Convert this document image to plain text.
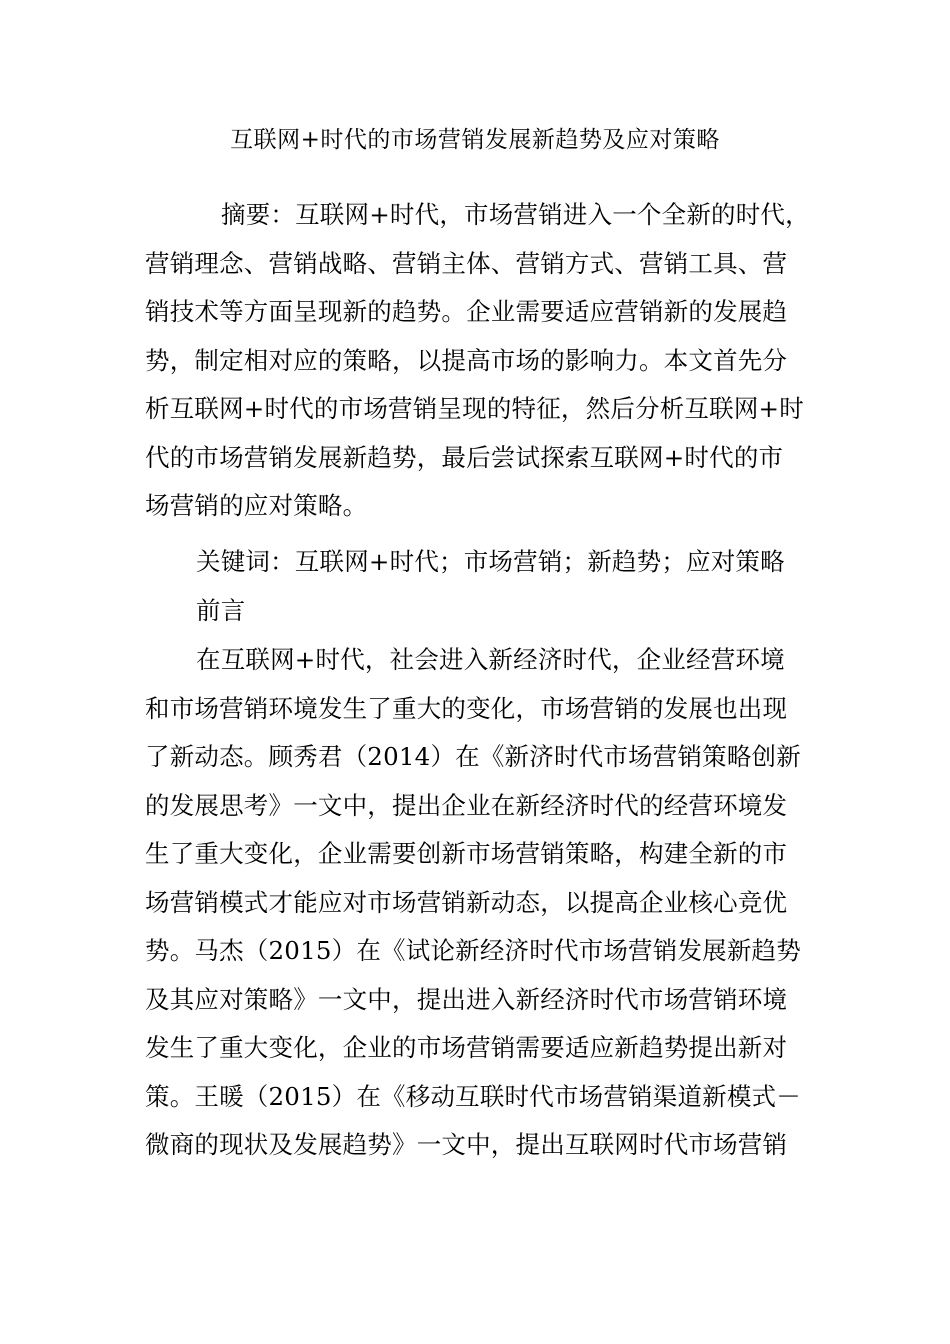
互联网+时代的市场营销发展新趋势及应对策略
摘要：互联网+时代，市场营销进入一个全新的时代，
营销理念、营销战略、营销主体、营销方式、营销工具、营
销技术等方面呈现新的趋势。企业需要适应营销新的发展趋
势，制定相对应的策略，以提高市场的影响力。本文首先分
析互联网+时代的市场营销呈现的特征，然后分析互联网+时
代的市场营销发展新趋势，最后尝试探索互联网+时代的市
场营销的应对策略。
关键词：互联网+时代；市场营销；新趋势；应对策略
前言
在互联网+时代，社会进入新经济时代，企业经营环境
和市场营销环境发生了重大的变化，市场营销的发展也出现
了新动态。顾秀君（2014）在《新济时代市场营销策略创新
的发展思考》一文中，提出企业在新经济时代的经营环境发
生了重大变化，企业需要创新市场营销策略，构建全新的市
场营销模式才能应对市场营销新动态，以提高企业核心竞优
势。马杰（2015）在《试论新经济时代市场营销发展新趋势
及其应对策略》一文中，提出进入新经济时代市场营销环境
发生了重大变化，企业的市场营销需要适应新趋势提出新对
策。王暖（2015）在《移动互联时代市场营销渠道新模式－
微商的现状及发展趋势》一文中，提出互联网时代市场营销
